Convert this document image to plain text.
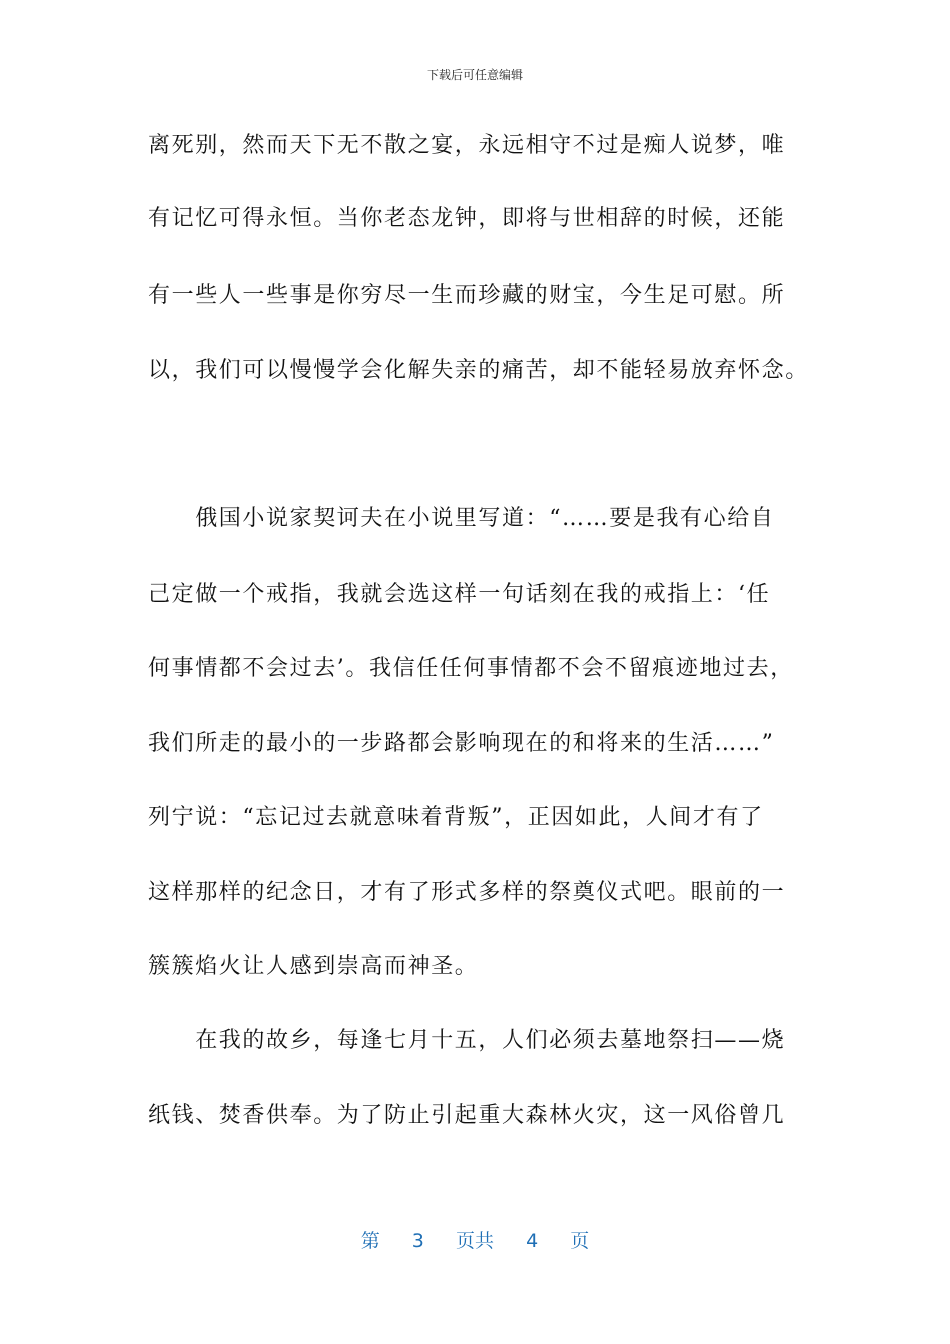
下载后可任意编辑
离死别，然而天下无不散之宴，永远相守不过是痴人说梦，唯
有记忆可得永恒。当你老态龙钟，即将与世相辞的时候，还能
有一些人一些事是你穷尽一生而珍藏的财宝，今生足可慰。所
以，我们可以慢慢学会化解失亲的痛苦，却不能轻易放弃怀念。
　　俄国小说家契诃夫在小说里写道：“……要是我有心给自
己定做一个戒指，我就会选这样一句话刻在我的戒指上：‘任
何事情都不会过去’。我信任任何事情都不会不留痕迹地过去，
我们所走的最小的一步路都会影响现在的和将来的生活……”
列宁说：“忘记过去就意味着背叛”，正因如此，人间才有了
这样那样的纪念日，才有了形式多样的祭奠仪式吧。眼前的一
簇簇焰火让人感到崇高而神圣。
　　在我的故乡，每逢七月十五，人们必须去墓地祭扫——烧
纸钱、焚香供奉。为了防止引起重大森林火灾，这一风俗曾几
第 3 页共 4 页
